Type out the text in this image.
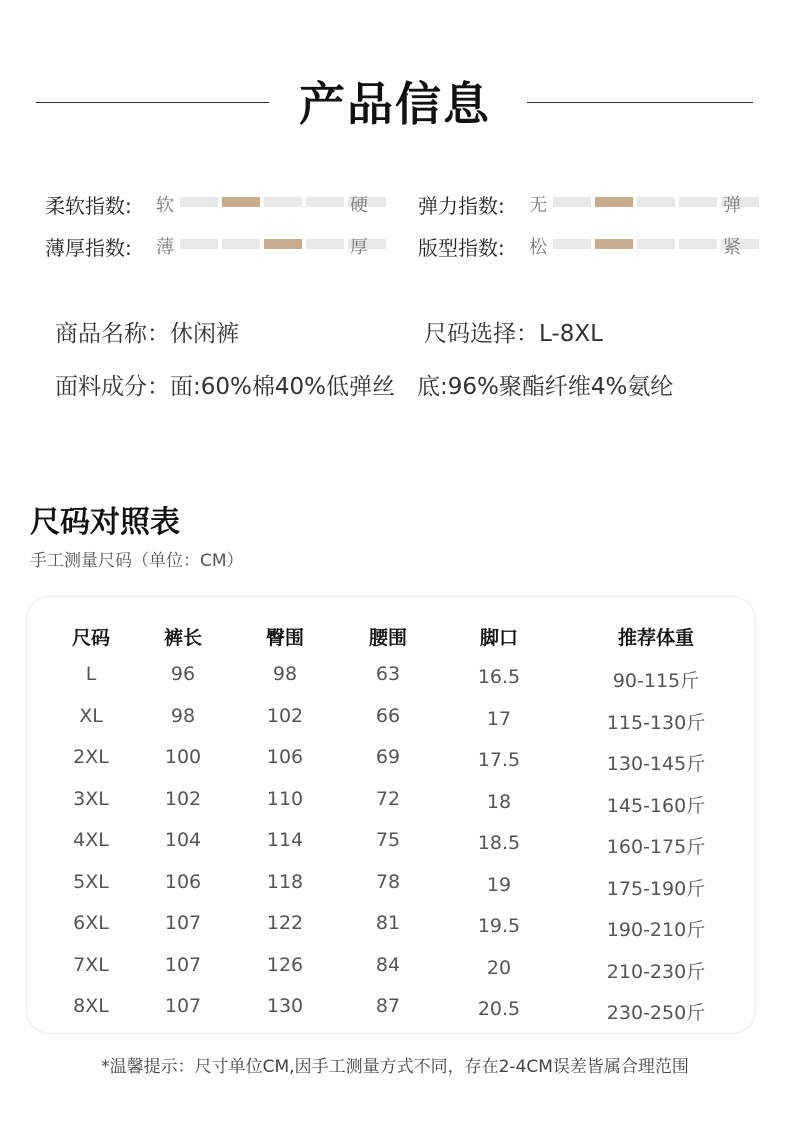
产品信息
柔软指数: 软	硬	弹力指数: 无	弹
薄厚指数: 薄	厚	版型指数: 松	紧
商品名称：休闲裤	尺码选择：L-8XL
面料成分：面:60%棉40%低弹丝 底:96%聚酯纤维4%氨纶
尺码对照表
手工测量尺码（单位：CM）
尺码	裤长	臀围	腰围	脚口	推荐体重
L	96	98	63	16.5	90-115斤
XL	98	102	66	17	115-130斤
2XL	100	106	69	17.5	130-145斤
3XL	102	110	72	18	145-160斤
4XL	104	114	75	18.5	160-175斤
5XL	106	118	78	19	175-190斤
6XL	107	122	81	19.5	190-210斤
7XL	107	126	84	20	210-230斤
8XL	107	130	87	20.5	230-250斤
*温馨提示：尺寸单位CM,因手工测量方式不同，存在2-4CM误差皆属合理范围
